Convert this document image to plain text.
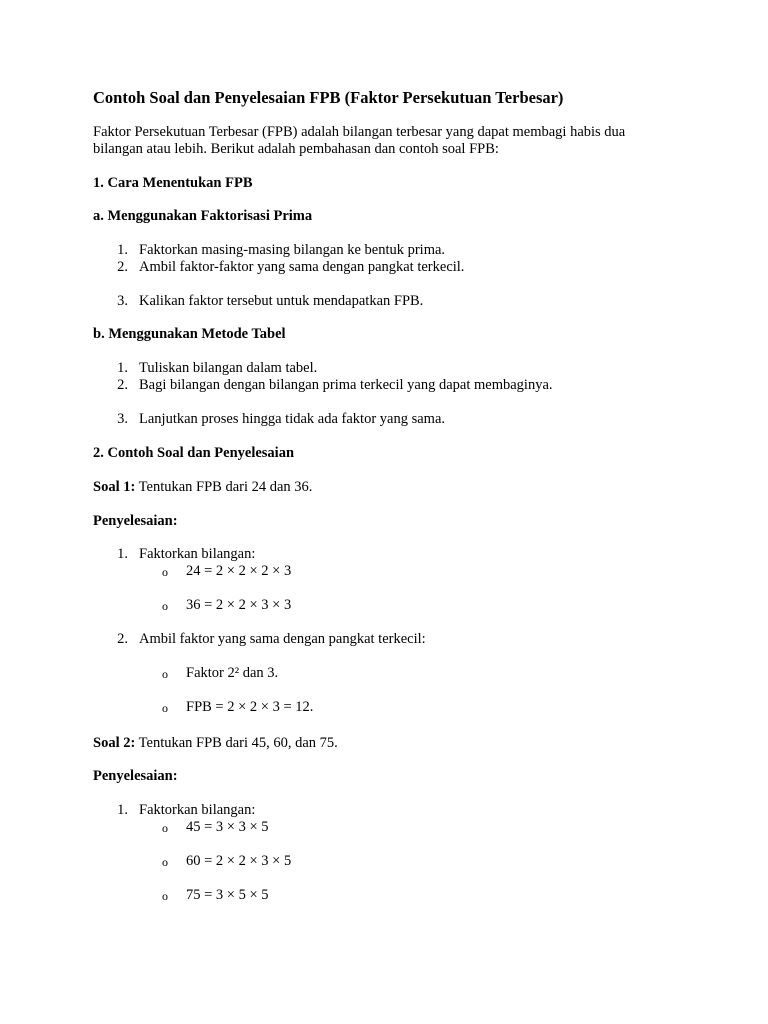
Contoh Soal dan Penyelesaian FPB (Faktor Persekutuan Terbesar)
Faktor Persekutuan Terbesar (FPB) adalah bilangan terbesar yang dapat membagi habis dua
bilangan atau lebih. Berikut adalah pembahasan dan contoh soal FPB:
1. Cara Menentukan FPB
a. Menggunakan Faktorisasi Prima
1. Faktorkan masing-masing bilangan ke bentuk prima.
2. Ambil faktor-faktor yang sama dengan pangkat terkecil.
3. Kalikan faktor tersebut untuk mendapatkan FPB.
b. Menggunakan Metode Tabel
1. Tuliskan bilangan dalam tabel.
2. Bagi bilangan dengan bilangan prima terkecil yang dapat membaginya.
3. Lanjutkan proses hingga tidak ada faktor yang sama.
2. Contoh Soal dan Penyelesaian
Soal 1: Tentukan FPB dari 24 dan 36.
Penyelesaian:
1. Faktorkan bilangan:
o 24 = 2 × 2 × 2 × 3
o 36 = 2 × 2 × 3 × 3
2. Ambil faktor yang sama dengan pangkat terkecil:
o Faktor 2² dan 3.
o FPB = 2 × 2 × 3 = 12.
Soal 2: Tentukan FPB dari 45, 60, dan 75.
Penyelesaian:
1. Faktorkan bilangan:
o 45 = 3 × 3 × 5
o 60 = 2 × 2 × 3 × 5
o 75 = 3 × 5 × 5
